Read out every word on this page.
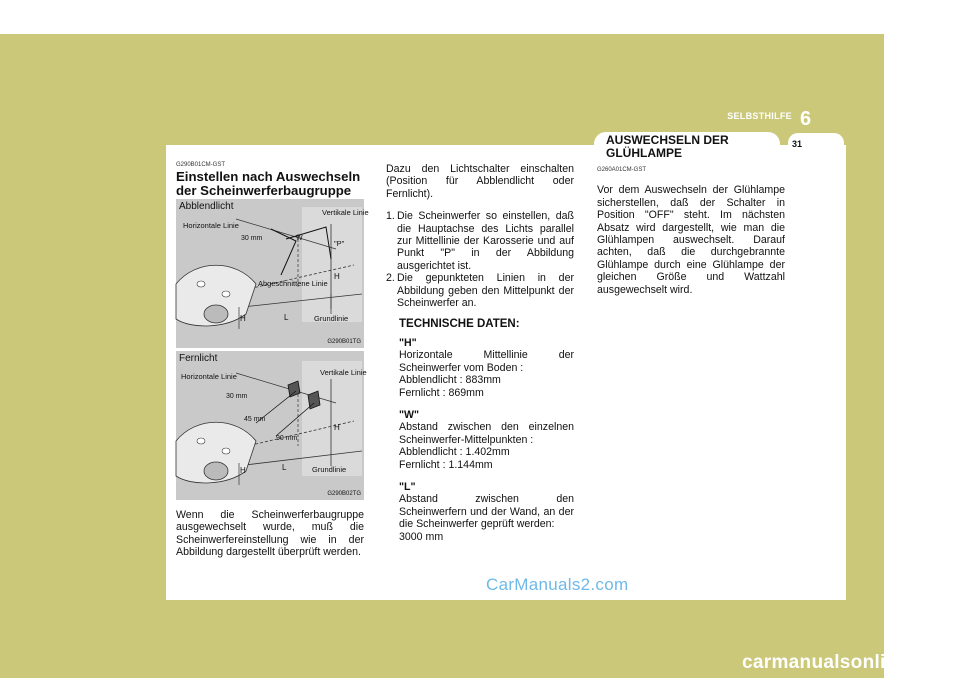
SELBSTHILFE 6
31
AUSWECHSELN DER GLÜHLAMPE
G290B01CM-GST
Einstellen nach Auswechseln der Scheinwerferbaugruppe
Horizontale Linie
Vertikale Linie
"P"
W
30 mm
H
H	L
Abgeschnittene Linie
Grundlinie
Abblendlicht
G290B01TG
Horizontale Linie	Vertikale Linie
30 mm
45 mm
90 mm
H
H	L	Grundlinie
Fernlicht
G290B02TG
Wenn die Scheinwerferbaugruppe ausgewechselt wurde, muß die Scheinwerfereinstellung wie in der Abbildung dargestellt überprüft werden.
Dazu den Lichtschalter einschalten (Position für Abblendlicht oder Fernlicht).
1. Die Scheinwerfer so einstellen, daß die Hauptachse des Lichts parallel zur Mittellinie der Karosserie und auf Punkt "P" in der Abbildung ausgerichtet ist.
2. Die gepunkteten Linien in der Abbildung geben den Mittelpunkt der Scheinwerfer an.
TECHNISCHE DATEN:
"H"
Horizontale Mittellinie der Scheinwerfer vom Boden :
Abblendlicht : 883mm
Fernlicht : 869mm
"W"
Abstand zwischen den einzelnen Scheinwerfer-Mittelpunkten :
Abblendlicht : 1.402mm
Fernlicht : 1.144mm
"L"
Abstand zwischen den Scheinwerfern und der Wand, an der die Scheinwerfer geprüft werden:
3000 mm
G260A01CM-GST
Vor dem Auswechseln der Glühlampe sicherstellen, daß der Schalter in Position "OFF" steht. Im nächsten Absatz wird dargestellt, wie man die Glühlampen auswechselt. Darauf achten, daß die durchgebrannte Glühlampe durch eine Glühlampe der gleichen Größe und Wattzahl ausgewechselt wird.
CarManuals2.com
carmanualsonline.info
